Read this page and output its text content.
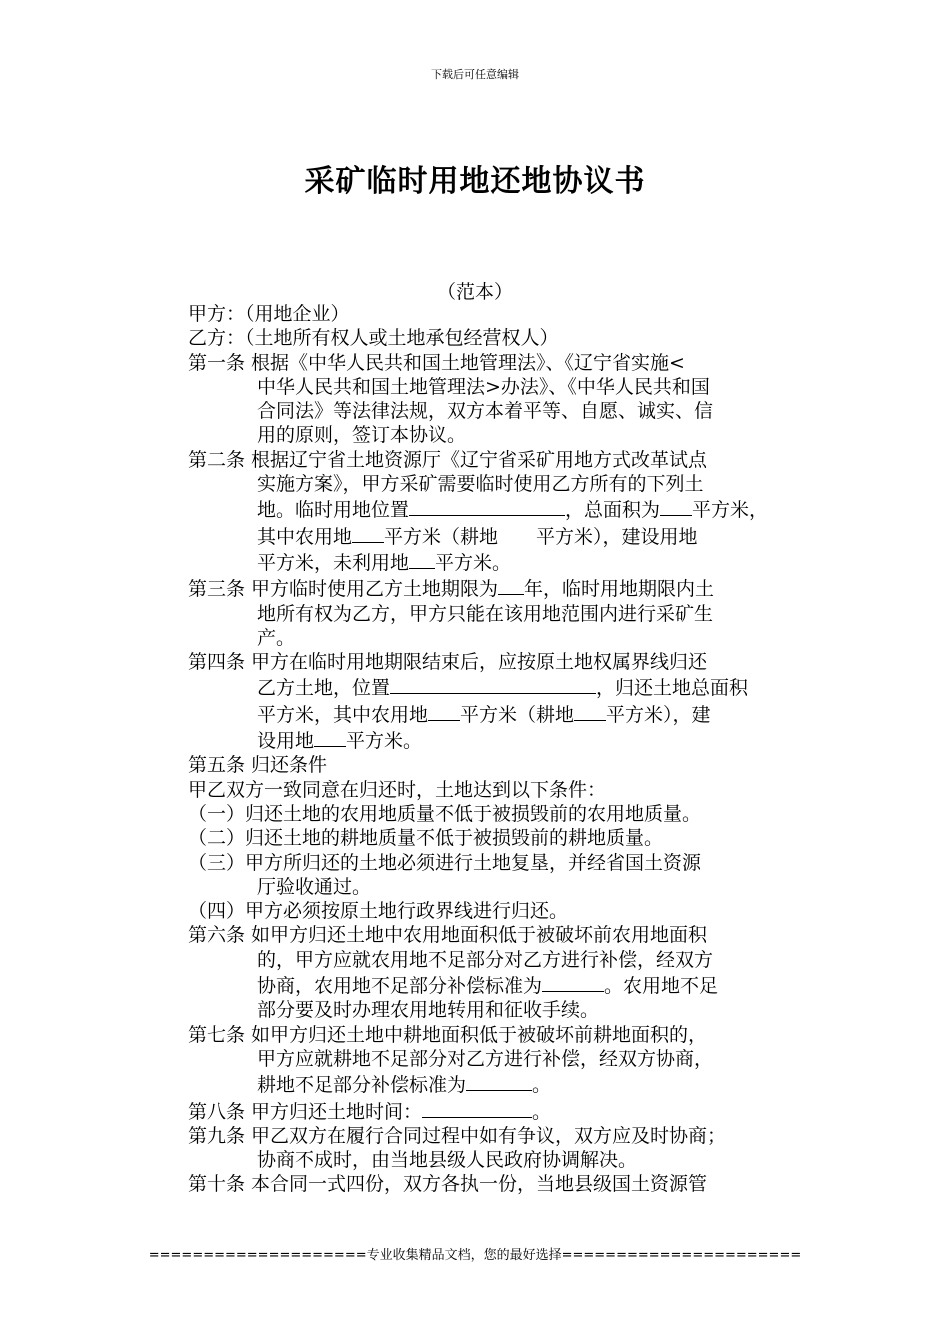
下载后可任意编辑
采矿临时用地还地协议书
（范本）

甲方：（用地企业）

乙方：（土地所有权人或土地承包经营权人）

第一条 根据《中华人民共和国土地管理法》、《辽宁省实施<

中华人民共和国土地管理法>办法》、《中华人民共和国

合同法》等法律法规，双方本着平等、自愿、诚实、信

用的原则，签订本协议。

第二条 根据辽宁省土地资源厅《辽宁省采矿用地方式改革试点

实施方案》，甲方采矿需要临时使用乙方所有的下列土

地。临时用地位置	，总面积为 平方米，

其中农用地 平方米（耕地　　平方米），建设用地

平方米，未利用地 平方米。

第三条 甲方临时使用乙方土地期限为 年，临时用地期限内土

地所有权为乙方，甲方只能在该用地范围内进行采矿生

产。

第四条 甲方在临时用地期限结束后，应按原土地权属界线归还

乙方土地，位置	，归还土地总面积

平方米，其中农用地 平方米（耕地 平方米），建

设用地 平方米。

第五条 归还条件

甲乙双方一致同意在归还时，土地达到以下条件：

（一）归还土地的农用地质量不低于被损毁前的农用地质量。

（二）归还土地的耕地质量不低于被损毁前的耕地质量。

（三）甲方所归还的土地必须进行土地复垦，并经省国土资源

厅验收通过。

（四）甲方必须按原土地行政界线进行归还。

第六条 如甲方归还土地中农用地面积低于被破坏前农用地面积

的，甲方应就农用地不足部分对乙方进行补偿，经双方

协商，农用地不足部分补偿标准为	。农用地不足

部分要及时办理农用地转用和征收手续。

第七条 如甲方归还土地中耕地面积低于被破坏前耕地面积的，

甲方应就耕地不足部分对乙方进行补偿，经双方协商，

耕地不足部分补偿标准为	。

第八条 甲方归还土地时间：	。

第九条 甲乙双方在履行合同过程中如有争议，双方应及时协商；

协商不成时，由当地县级人民政府协调解决。

第十条 本合同一式四份，双方各执一份，当地县级国土资源管

====================专业收集精品文档，您的最好选择======================
